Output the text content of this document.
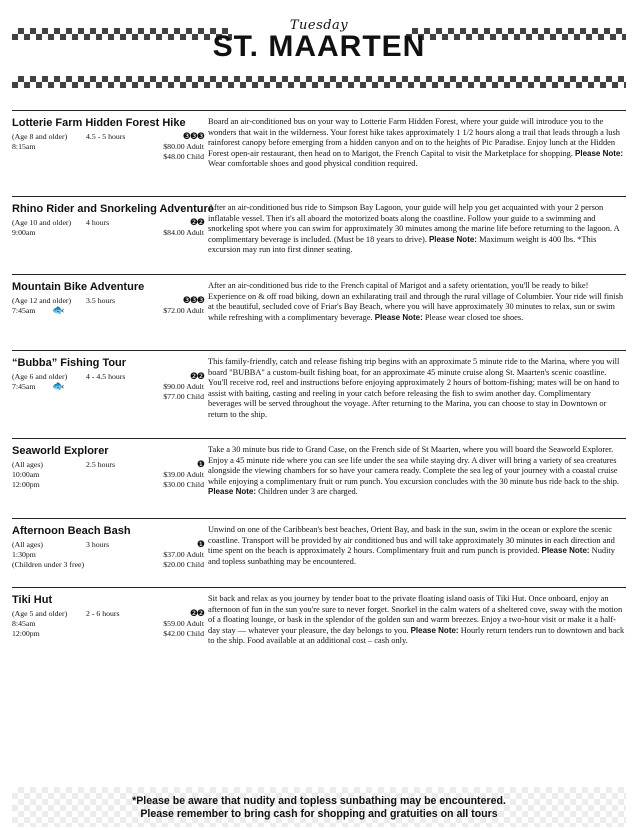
Tuesday
ST. MAARTEN
Lotterie Farm Hidden Forest Hike
(Age 8 and older) 4.5 - 5 hours	❸❸❸
8:15am	$80.00 Adult
$48.00 Child
Board an air-conditioned bus on your way to Lotterie Farm Hidden Forest, where your guide will introduce you to the wonders that wait in the wilderness. Your forest hike takes approximately 1 1/2 hours along a trail that leads through a lush rainforest canopy before emerging from a hidden canyon and on to the heights of Pic Paradise. Enjoy lunch at the Hidden Forest open-air restaurant, then head on to Marigot, the French Capital to visit the Marketplace for shopping. Please Note: Wear comfortable shoes and good physical condition required.
Rhino Rider and Snorkeling Adventure
(Age 10 and older) 4 hours	❷❷
9:00am	$84.00 Adult
After an air-conditioned bus ride to Simpson Bay Lagoon, your guide will help you get acquainted with your 2 person inflatable vessel. Then it's all aboard the motorized boats along the coastline. Follow your guide to a swimming and snorkeling spot where you can swim for approximately 30 minutes among the marine life before returning to the lagoon. A complimentary beverage is included. (Must be 18 years to drive). Please Note: Maximum weight is 400 lbs. *This excursion may run into first dinner seating.
Mountain Bike Adventure
(Age 12 and older) 3.5 hours	❸❸❸
7:45am 🐟	$72.00 Adult
After an air-conditioned bus ride to the French capital of Marigot and a safety orientation, you'll be ready to bike! Experience on & off road biking, down an exhilarating trail and through the rural village of Columbier. Your ride will finish at the beautiful, secluded cove of Friar's Bay Beach, where you will have approximately 30 minutes to relax, sun or swim while refreshing with a complimentary beverage. Please Note: Please wear closed toe shoes.
“Bubba” Fishing Tour
(Age 6 and older) 4 - 4.5 hours	❷❷
7:45am 🐟	$90.00 Adult
$77.00 Child
This family-friendly, catch and release fishing trip begins with an approximate 5 minute ride to the Marina, where you will board "BUBBA" a custom-built fishing boat, for an approximate 45 minute cruise along St. Maarten's scenic coastline. You'll receive rod, reel and instructions before enjoying approximately 2 hours of bottom-fishing; mates will be on hand to assist with baiting, casting and reeling in your catch before releasing the fish to swim another day. Complimentary beverages will be served throughout the voyage. After returning to the Marina, you can choose to stay in Downtown or return to the ship.
Seaworld Explorer
(All ages)	2.5 hours	❶
10:00am	$39.00 Adult
12:00pm	$30.00 Child
Take a 30 minute bus ride to Grand Case, on the French side of St Maarten, where you will board the Seaworld Explorer. Enjoy a 45 minute ride where you can see life under the sea while staying dry. A diver will bring a variety of sea creatures alongside the viewing chambers for so have your camera ready. Complete the sea leg of your journey with a coastal cruise while enjoying a complimentary fruit or rum punch. You excursion concludes with the 30 minute bus ride back to the ship. Please Note: Children under 3 are charged.
Afternoon Beach Bash
(All ages)	3 hours	❶
1:30pm	$37.00 Adult
(Children under 3 free)	$20.00 Child
Unwind on one of the Caribbean's best beaches, Orient Bay, and bask in the sun, swim in the ocean or explore the scenic coastline. Transport will be provided by air conditioned bus and will take approximately 30 minutes in each direction and time spent on the beach is approximately 2 hours. Complimentary fruit and rum punch is provided. Please Note: Nudity and topless sunbathing may be encountered.
Tiki Hut
(Age 5 and older) 2 - 6 hours	❷❷
8:45am	$59.00 Adult
12:00pm	$42.00 Child
Sit back and relax as you journey by tender boat to the private floating island oasis of Tiki Hut. Once onboard, enjoy an afternoon of fun in the sun you're sure to never forget. Snorkel in the calm waters of a sheltered cove, sway with the motion of a floating lounge, or bask in the splendor of the golden sun and warm breezes. Enjoy a two-hour visit or make it a half-day stay — whatever your pleasure, the day belongs to you. Please Note: Hourly return tenders run to downtown and back to the ship. Food available at an additional cost – cash only.
*Please be aware that nudity and topless sunbathing may be encountered.
Please remember to bring cash for shopping and gratuities on all tours
